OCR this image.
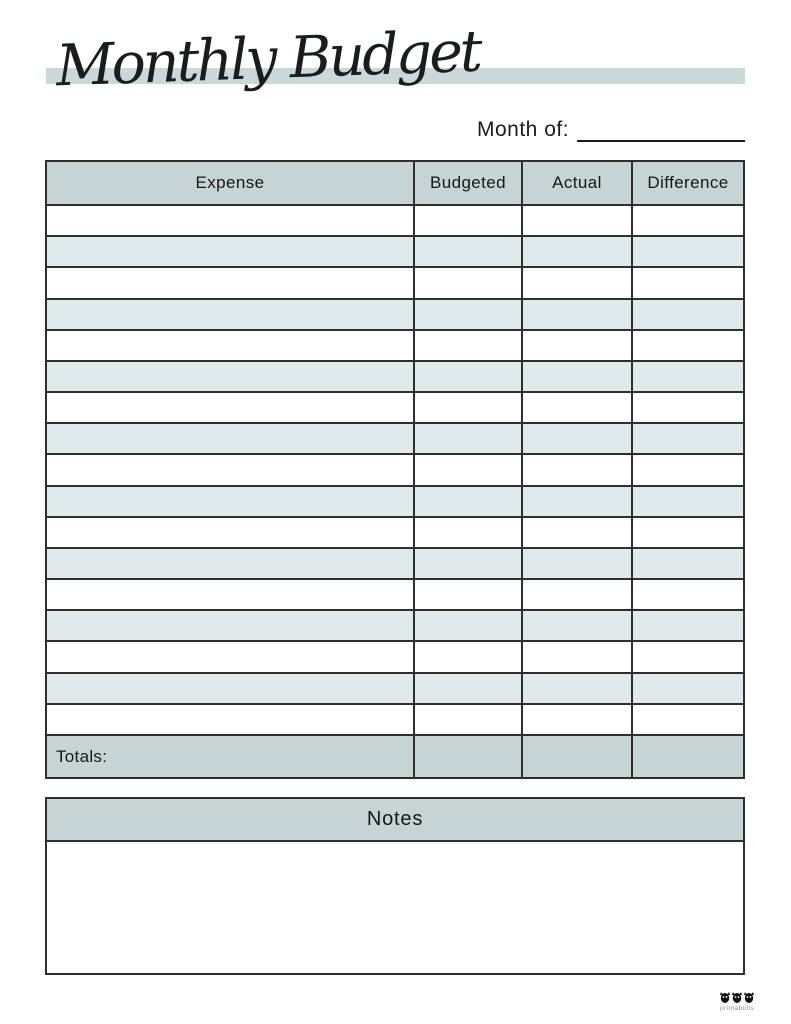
Monthly Budget
Month of:
Expense	Budgeted	Actual	Difference
Totals:
Notes
printabulls
